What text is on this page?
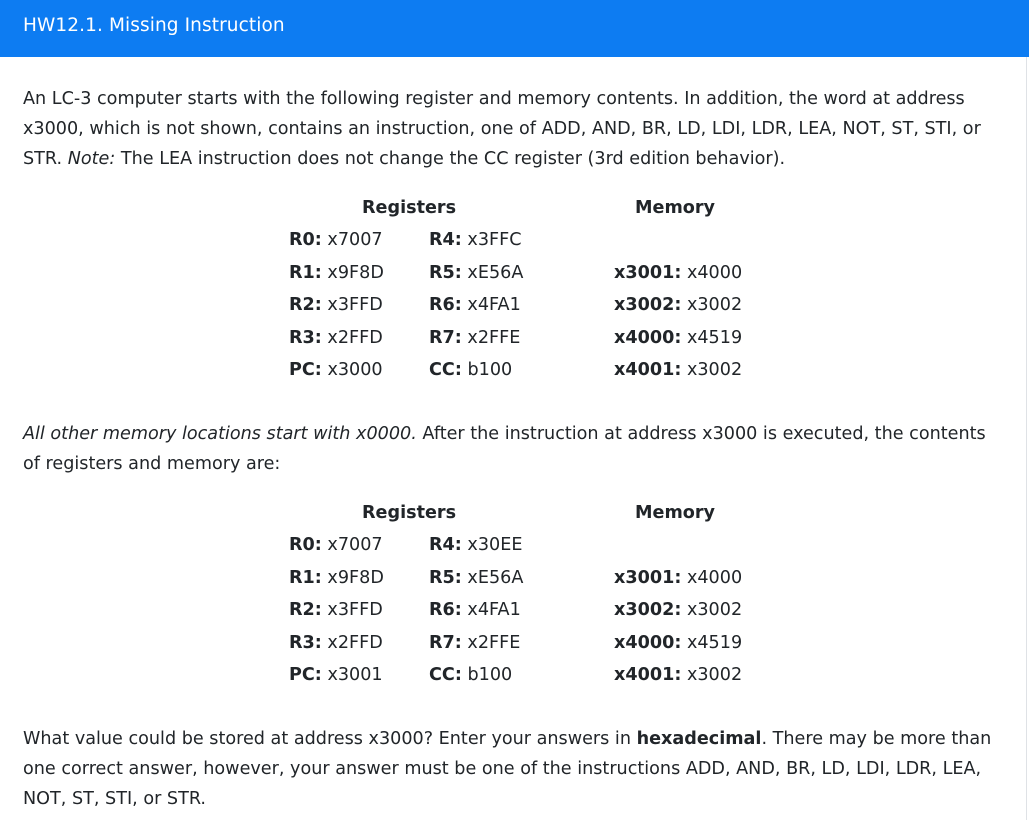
HW12.1. Missing Instruction

An LC-3 computer starts with the following register and memory contents. In addition, the word at address x3000, which is not shown, contains an instruction, one of ADD, AND, BR, LD, LDI, LDR, LEA, NOT, ST, STI, or STR. Note: The LEA instruction does not change the CC register (3rd edition behavior).

Registers	Memory
R0: x7007
R1: x9F8D
R2: x3FFD
R3: x2FFD
PC: x3000
R4: x3FFC
R5: xE56A
R6: x4FA1
R7: x2FFE
CC: b100
x3001: x4000
x3002: x3002
x4000: x4519
x4001: x3002

All other memory locations start with x0000. After the instruction at address x3000 is executed, the contents of registers and memory are:

Registers	Memory
R0: x7007
R1: x9F8D
R2: x3FFD
R3: x2FFD
PC: x3001
R4: x30EE
R5: xE56A
R6: x4FA1
R7: x2FFE
CC: b100
x3001: x4000
x3002: x3002
x4000: x4519
x4001: x3002

What value could be stored at address x3000? Enter your answers in hexadecimal. There may be more than one correct answer, however, your answer must be one of the instructions ADD, AND, BR, LD, LDI, LDR, LEA, NOT, ST, STI, or STR.
